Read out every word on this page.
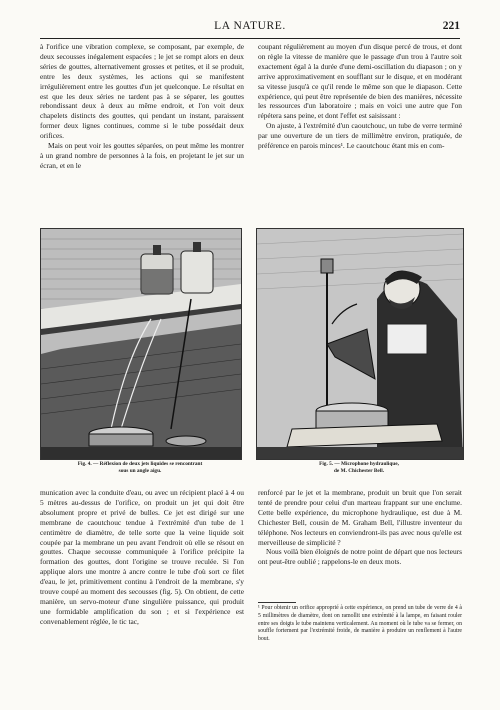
LA NATURE.	221

à l'orifice une vibration complexe, se composant, par exemple, de deux secousses inégalement espacées ; le jet se rompt alors en deux séries de gouttes, alternativement grosses et petites, et il se produit, entre les deux systèmes, les actions qui se manifestent irrégulièrement entre les gouttes d'un jet quelconque. Le résultat en est que les deux séries ne tardent pas à se séparer, les gouttes rebondissant deux à deux au même endroit, et l'on voit deux chapelets distincts des gouttes, qui pendant un instant, paraissent former deux lignes continues, comme si le tube possédait deux orifices.

Mais on peut voir les gouttes séparées, on peut même les montrer à un grand nombre de personnes à la fois, en projetant le jet sur un écran, et en le

coupant régulièrement au moyen d'un disque percé de trous, et dont on règle la vitesse de manière que le passage d'un trou à l'autre soit exactement égal à la durée d'une demi-oscillation du diapason ; on y arrive approximativement en soufflant sur le disque, et en modérant sa vitesse jusqu'à ce qu'il rende le même son que le diapason. Cette expérience, qui peut être représentée de bien des manières, nécessite les ressources d'un laboratoire ; mais en voici une autre que l'on répétera sans peine, et dont l'effet est saisissant :

On ajuste, à l'extrémité d'un caoutchouc, un tube de verre terminé par une ouverture de un tiers de millimètre environ, pratiquée, de préférence en parois minces¹. Le caoutchouc étant mis en com-

Fig. 4. — Réflexion de deux jets liquides se rencontrant
sous un angle aigu.
Fig. 5. — Microphone hydraulique,
de M. Chichester Bell.

munication avec la conduite d'eau, ou avec un récipient placé à 4 ou 5 mètres au-dessus de l'orifice, on produit un jet qui doit être absolument propre et privé de bulles. Ce jet est dirigé sur une membrane de caoutchouc tendue à l'extrémité d'un tube de 1 centimètre de diamètre, de telle sorte que la veine liquide soit coupée par la membrane un peu avant l'endroit où elle se résout en gouttes. Chaque secousse communiquée à l'orifice précipite la formation des gouttes, dont l'origine se trouve reculée. Si l'on applique alors une montre à ancre contre le tube d'où sort ce filet d'eau, le jet, primitivement continu à l'endroit de la membrane, s'y trouve coupé au moment des secousses (fig. 5). On obtient, de cette manière, un servo-moteur d'une singulière puissance, qui produit une formidable amplification du son ; et si l'expérience est convenablement réglée, le tic tac,

renforcé par le jet et la membrane, produit un bruit que l'on serait tenté de prendre pour celui d'un marteau frappant sur une enclume. Cette belle expérience, du microphone hydraulique, est due à M. Chichester Bell, cousin de M. Graham Bell, l'illustre inventeur du téléphone. Nos lecteurs en conviendront-ils pas avec nous qu'elle est merveilleuse de simplicité ?

Nous voilà bien éloignés de notre point de départ que nos lecteurs ont peut-être oublié ; rappelons-le en deux mots.

¹ Pour obtenir un orifice approprié à cette expérience, on prend un tube de verre de 4 à 5 millimètres de diamètre, dont on ramollit une extrémité à la lampe, en faisant rouler entre ses doigts le tube maintenu verticalement. Au moment où le tube va se fermer, on souffle fortement par l'extrémité froide, de manière à produire un renflement à l'autre bout.
